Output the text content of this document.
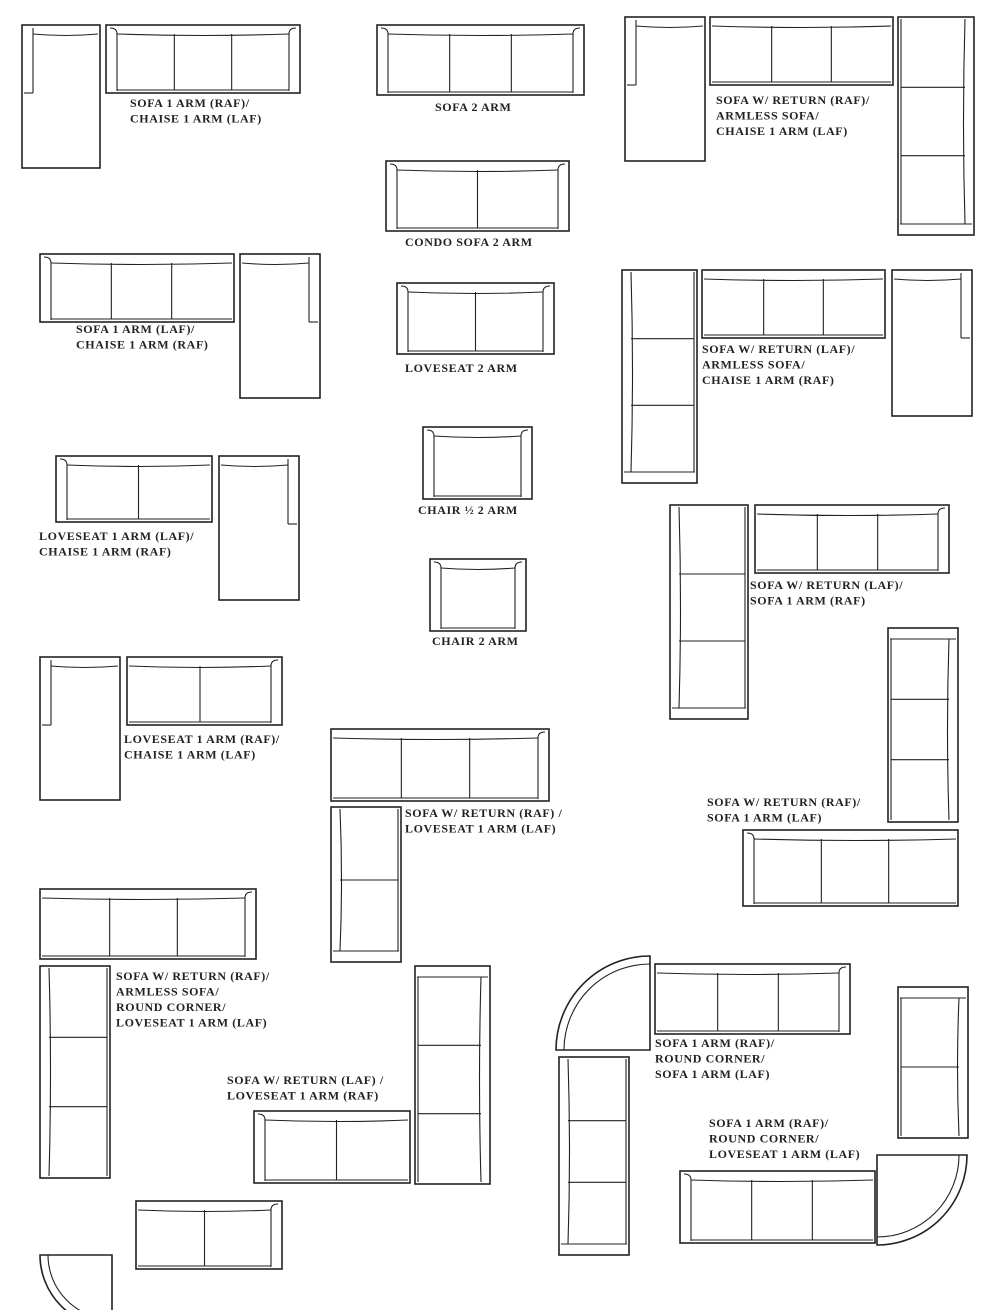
SOFA 1 ARM (RAF)/
CHAISE 1 ARM (LAF)
SOFA 2 ARM
CONDO SOFA 2 ARM
SOFA W/ RETURN (RAF)/
ARMLESS SOFA/
CHAISE 1 ARM (LAF)
SOFA 1 ARM (LAF)/
CHAISE 1 ARM (RAF)
LOVESEAT 2 ARM
SOFA W/ RETURN (LAF)/
ARMLESS SOFA/
CHAISE 1 ARM (RAF)
LOVESEAT 1 ARM (LAF)/
CHAISE 1 ARM (RAF)
CHAIR ½ 2 ARM
SOFA W/ RETURN (LAF)/
SOFA 1 ARM (RAF)
CHAIR 2 ARM
LOVESEAT 1 ARM (RAF)/
CHAISE 1 ARM (LAF)
SOFA W/ RETURN (RAF) /
LOVESEAT 1 ARM (LAF)
SOFA W/ RETURN (RAF)/
SOFA 1 ARM (LAF)
SOFA W/ RETURN (RAF)/
ARMLESS SOFA/
ROUND CORNER/
LOVESEAT 1 ARM (LAF)
SOFA W/ RETURN (LAF) /
LOVESEAT 1 ARM (RAF)
SOFA 1 ARM (RAF)/
ROUND CORNER/
SOFA 1 ARM (LAF)
SOFA 1 ARM (RAF)/
ROUND CORNER/
LOVESEAT 1 ARM (LAF)
